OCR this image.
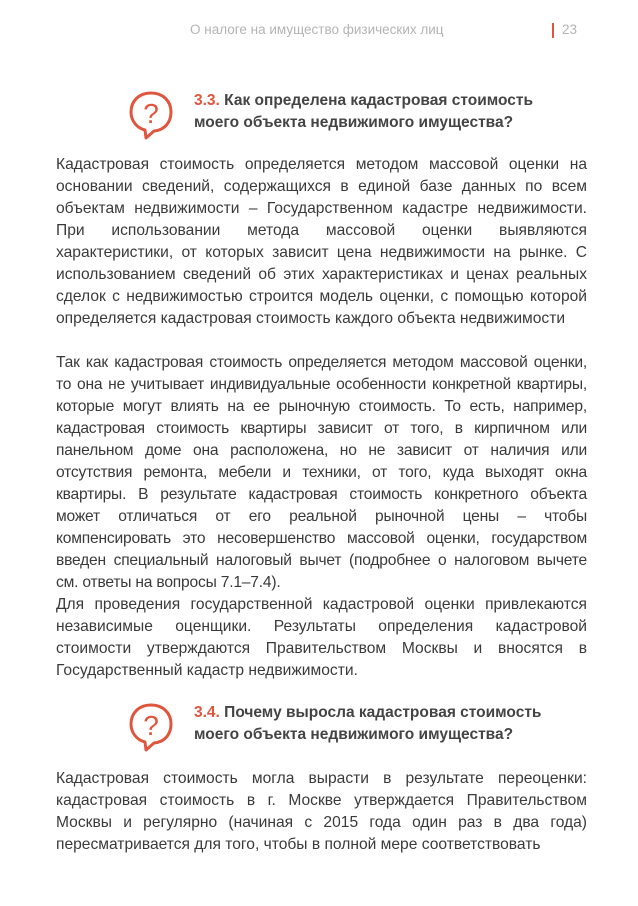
О налоге на имущество физических лиц	23
? 3.3. Как определена кадастровая стоимость
моего объекта недвижимого имущества?

Кадастровая стоимость определяется методом массовой оценки на основании сведений, содержащихся в единой базе данных по всем объектам недвижимости – Государственном кадастре недвижимости. При использовании метода массовой оценки выявляются характеристики, от которых зависит цена недвижимости на рынке. С использованием сведений об этих характеристиках и ценах реальных сделок с недвижимостью строится модель оценки, с помощью которой определяется кадастровая стоимость каждого объекта недвижимости

Так как кадастровая стоимость определяется методом массовой оценки, то она не учитывает индивидуальные особенности конкретной квартиры, которые могут влиять на ее рыночную стоимость. То есть, например, кадастровая стоимость квартиры зависит от того, в кирпичном или панельном доме она расположена, но не зависит от наличия или отсутствия ремонта, мебели и техники, от того, куда выходят окна квартиры. В результате кадастровая стоимость конкретного объекта может отличаться от его реальной рыночной цены – чтобы компенсировать это несовершенство массовой оценки, государством введен специальный налоговый вычет (подробнее о налоговом вычете см. ответы на вопросы 7.1–7.4).

Для проведения государственной кадастровой оценки привлекаются независимые оценщики. Результаты определения кадастровой стоимости утверждаются Правительством Москвы и вносятся в Государственный кадастр недвижимости.

? 3.4. Почему выросла кадастровая стоимость
моего объекта недвижимого имущества?

Кадастровая стоимость могла вырасти в результате переоценки: кадастровая стоимость в г. Москве утверждается Правительством Москвы и регулярно (начиная с 2015 года один раз в два года) пересматривается для того, чтобы в полной мере соответствовать
